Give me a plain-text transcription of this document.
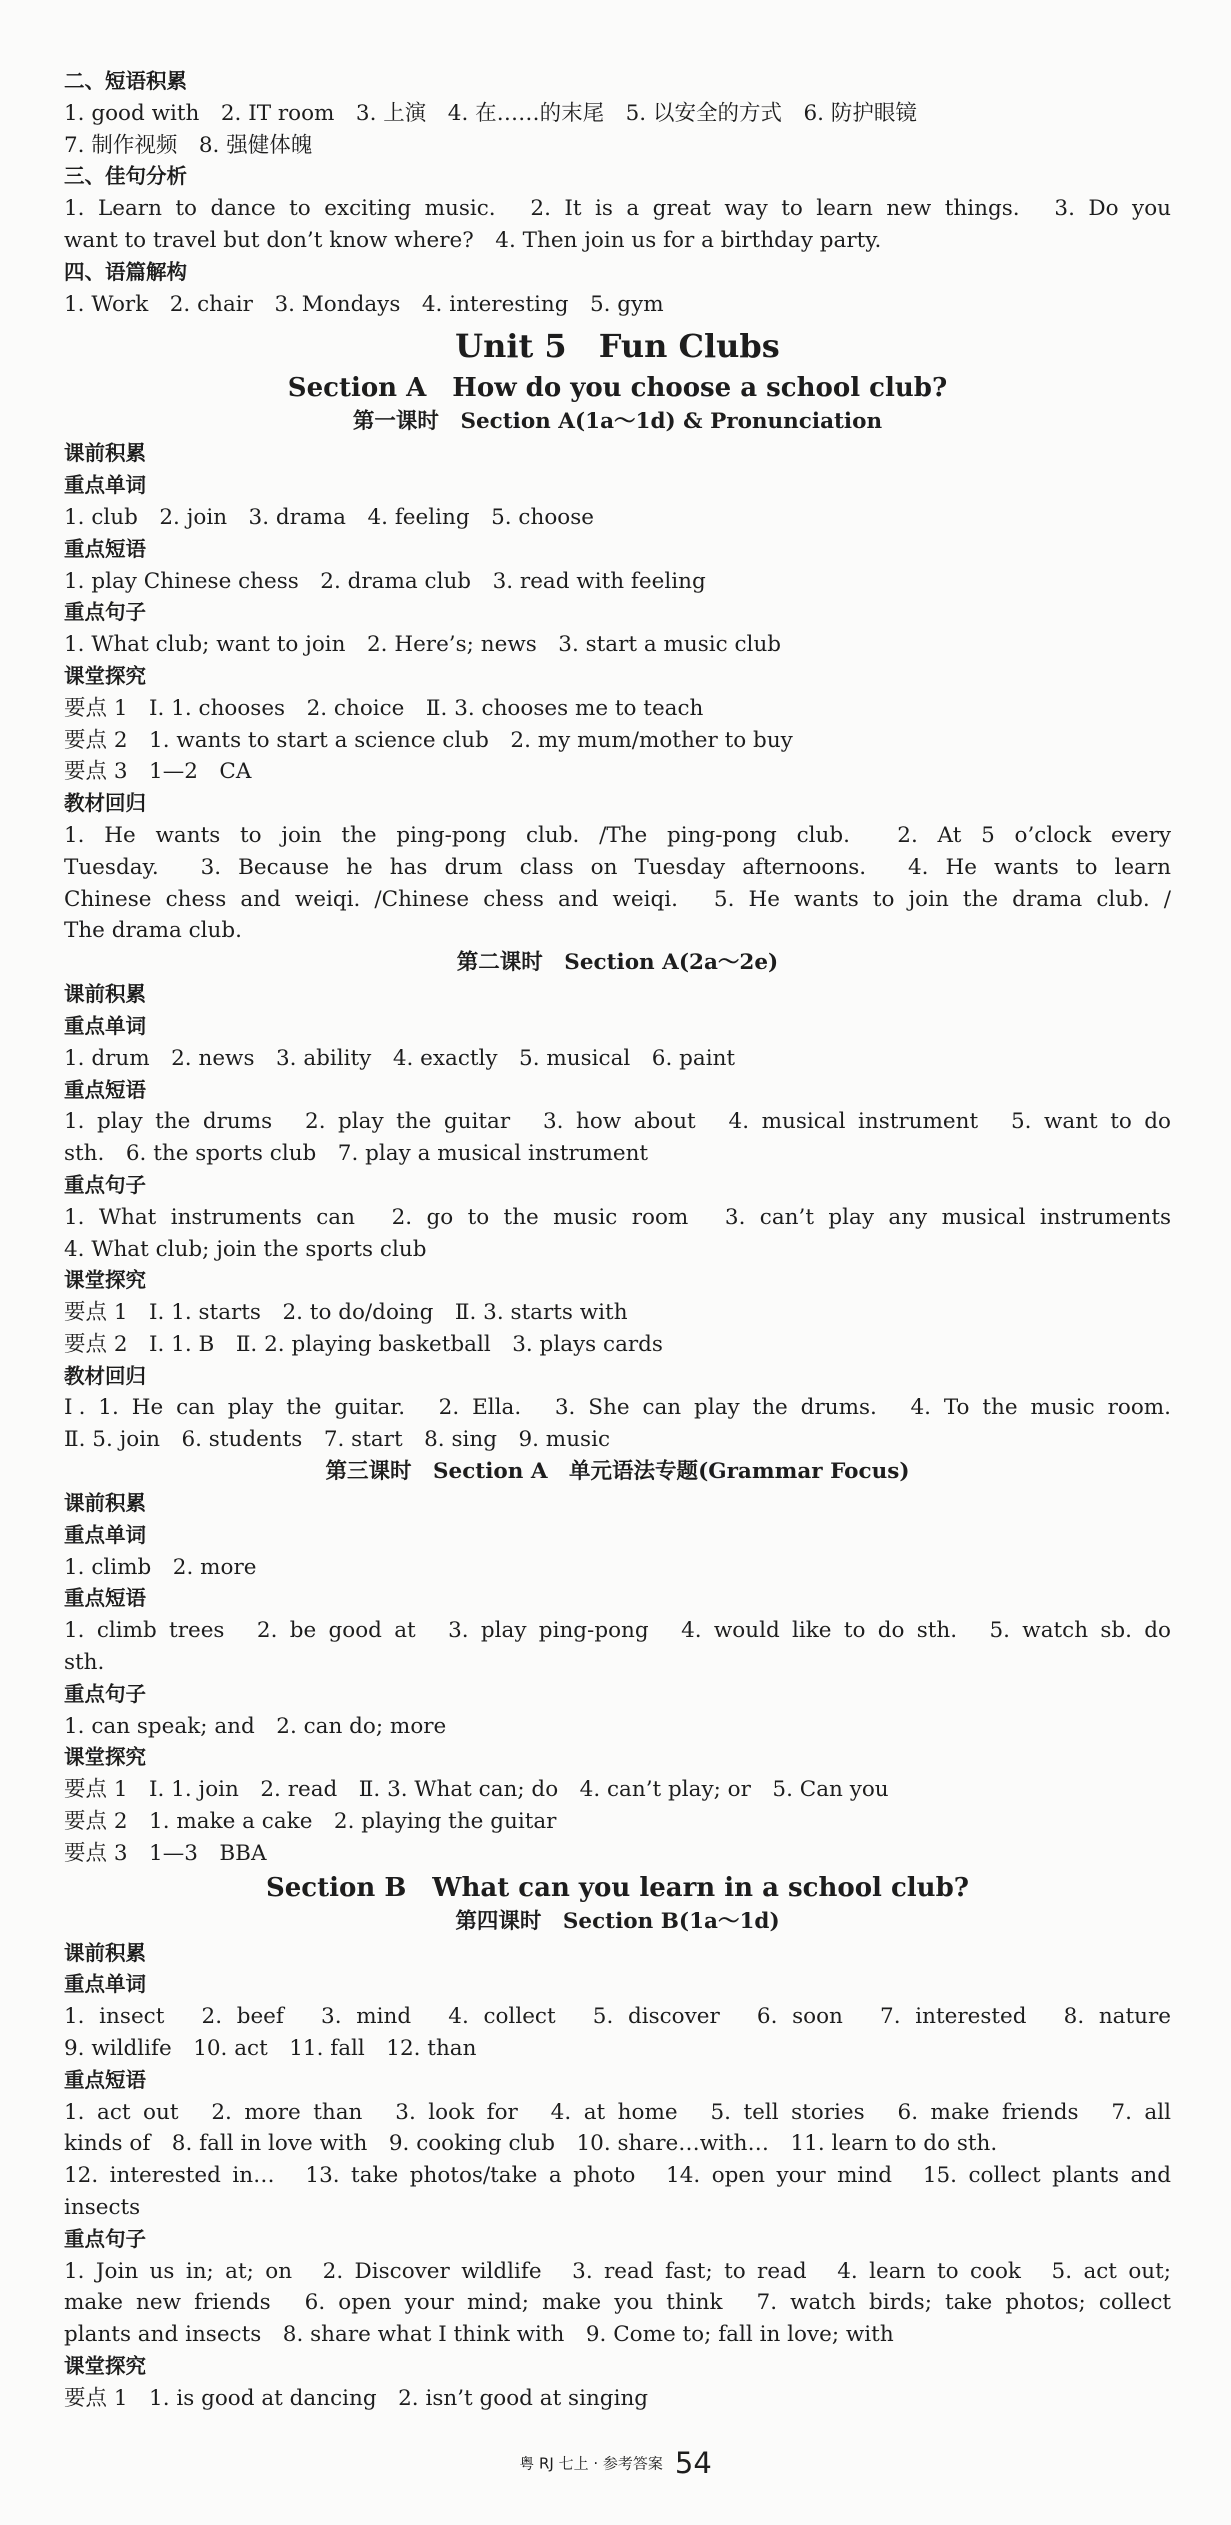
二、短语积累
1. good with　2. IT room　3. 上演　4. 在……的末尾　5. 以安全的方式　6. 防护眼镜
7. 制作视频　8. 强健体魄
三、佳句分析
1. Learn to dance to exciting music.　2. It is a great way to learn new things.　3. Do you
want to travel but don’t know where?　4. Then join us for a birthday party.
四、语篇解构
1. Work　2. chair　3. Mondays　4. interesting　5. gym
Unit 5　Fun Clubs
Section A　How do you choose a school club?
第一课时　 Section A(1a～1d) & Pronunciation
课前积累
重点单词
1. club　2. join　3. drama　4. feeling　5. choose
重点短语
1. play Chinese chess　2. drama club　3. read with feeling
重点句子
1. What club; want to join　2. Here’s; news　3. start a music club
课堂探究
要点 1　Ⅰ. 1. chooses　2. choice　Ⅱ. 3. chooses me to teach
要点 2　1. wants to start a science club　2. my mum/mother to buy
要点 3　1—2　CA
教材回归
1. He wants to join the ping-pong club. /The ping-pong club.　2. At 5 o’clock every
Tuesday.　3. Because he has drum class on Tuesday afternoons.　4. He wants to learn
Chinese chess and weiqi. /Chinese chess and weiqi.　5. He wants to join the drama club. /
The drama club.
第二课时　 Section A(2a～2e)
课前积累
重点单词
1. drum　2. news　3. ability　4. exactly　5. musical　6. paint
重点短语
1. play the drums　2. play the guitar　3. how about　4. musical instrument　5. want to do
sth.　6. the sports club　7. play a musical instrument
重点句子
1. What instruments can　2. go to the music room　3. can’t play any musical instruments
4. What club; join the sports club
课堂探究
要点 1　Ⅰ. 1. starts　2. to do/doing　Ⅱ. 3. starts with
要点 2　Ⅰ. 1. B　Ⅱ. 2. playing basketball　3. plays cards
教材回归
Ⅰ. 1. He can play the guitar.　2. Ella.　3. She can play the drums.　4. To the music room.
Ⅱ. 5. join　6. students　7. start　8. sing　9. music
第三课时　 Section A　 单元语法专题(Grammar Focus)
课前积累
重点单词
1. climb　2. more
重点短语
1. climb trees　2. be good at　3. play ping-pong　4. would like to do sth.　5. watch sb. do
sth.
重点句子
1. can speak; and　2. can do; more
课堂探究
要点 1　Ⅰ. 1. join　2. read　Ⅱ. 3. What can; do　4. can’t play; or　5. Can you
要点 2　1. make a cake　2. playing the guitar
要点 3　1—3　BBA
Section B　What can you learn in a school club?
第四课时　 Section B(1a～1d)
课前积累
重点单词
1. insect　2. beef　3. mind　4. collect　5. discover　6. soon　7. interested　8. nature
9. wildlife　10. act　11. fall　12. than
重点短语
1. act out　2. more than　3. look for　4. at home　5. tell stories　6. make friends　7. all
kinds of　8. fall in love with　9. cooking club　10. share…with…　11. learn to do sth.
12. interested in…　13. take photos/take a photo　14. open your mind　15. collect plants and
insects
重点句子
1. Join us in; at; on　2. Discover wildlife　3. read fast; to read　4. learn to cook　5. act out;
make new friends　6. open your mind; make you think　7. watch birds; take photos; collect
plants and insects　8. share what I think with　9. Come to; fall in love; with
课堂探究
要点 1　1. is good at dancing　2. isn’t good at singing
粤 RJ 七上 · 参考答案 54
